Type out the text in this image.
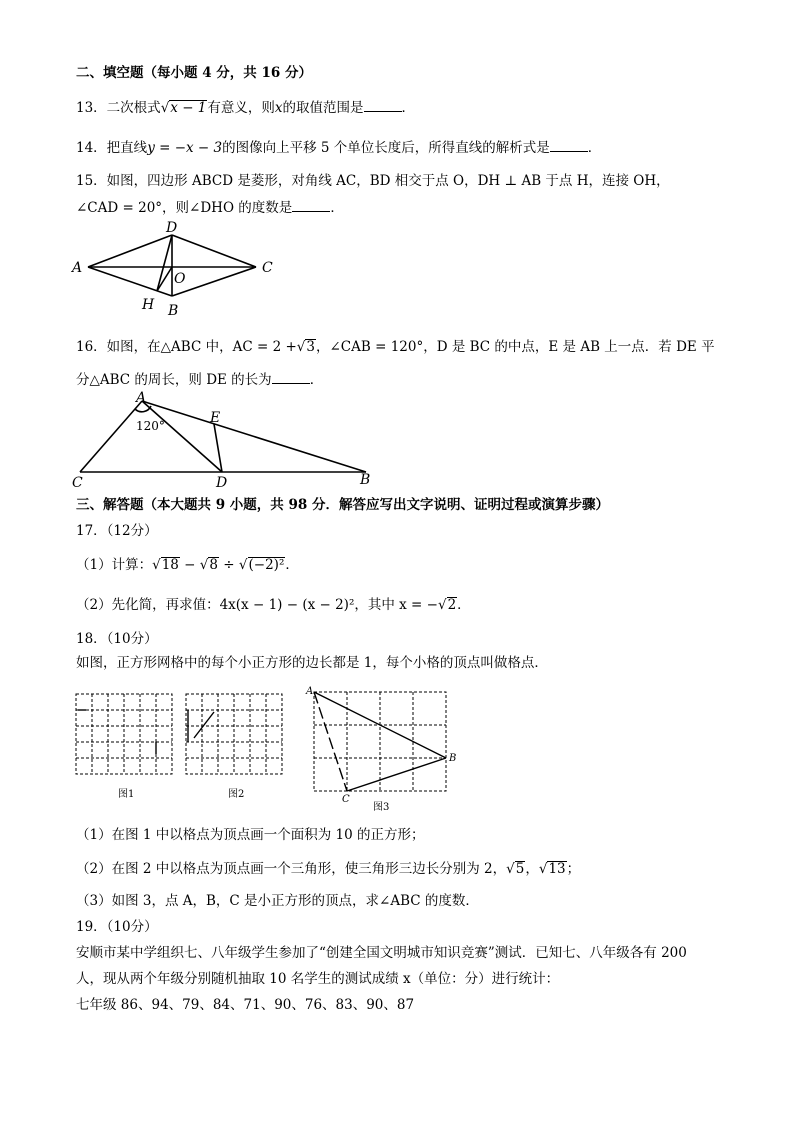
二、填空题（每小题 4 分，共 16 分）
13．二次根式√x − 1有意义，则x的取值范围是	．
14．把直线y = −x − 3的图像向上平移 5 个单位长度后，所得直线的解析式是	．
15．如图，四边形 ABCD 是菱形，对角线 AC，BD 相交于点 O，DH ⊥ AB 于点 H，连接 OH，
∠CAD = 20°，则∠DHO 的度数是	．
A
D
C
O
H B
16．如图，在△ABC 中，AC = 2 +√3，∠CAB = 120°，D 是 BC 的中点，E 是 AB 上一点．若 DE 平
分△ABC 的周长，则 DE 的长为	．
A
120°	E
C	D	B
三、解答题（本大题共 9 小题，共 98 分．解答应写出文字说明、证明过程或演算步骤）
17．（12分）
（1）计算：√18 − √8 ÷ √(−2)²．
（2）先化简，再求值：4x(x − 1) − (x − 2)²，其中 x = −√2．
18．（10分）
如图，正方形网格中的每个小正方形的边长都是 1，每个小格的顶点叫做格点．
图1	图2
A
B
C
图3
（1）在图 1 中以格点为顶点画一个面积为 10 的正方形；
（2）在图 2 中以格点为顶点画一个三角形，使三角形三边长分别为 2，√5，√13；
（3）如图 3，点 A，B，C 是小正方形的顶点，求∠ABC 的度数．
19．（10分）
安顺市某中学组织七、八年级学生参加了“创建全国文明城市知识竞赛”测试．已知七、八年级各有 200
人，现从两个年级分别随机抽取 10 名学生的测试成绩 x（单位：分）进行统计：
七年级 86、94、79、84、71、90、76、83、90、87
